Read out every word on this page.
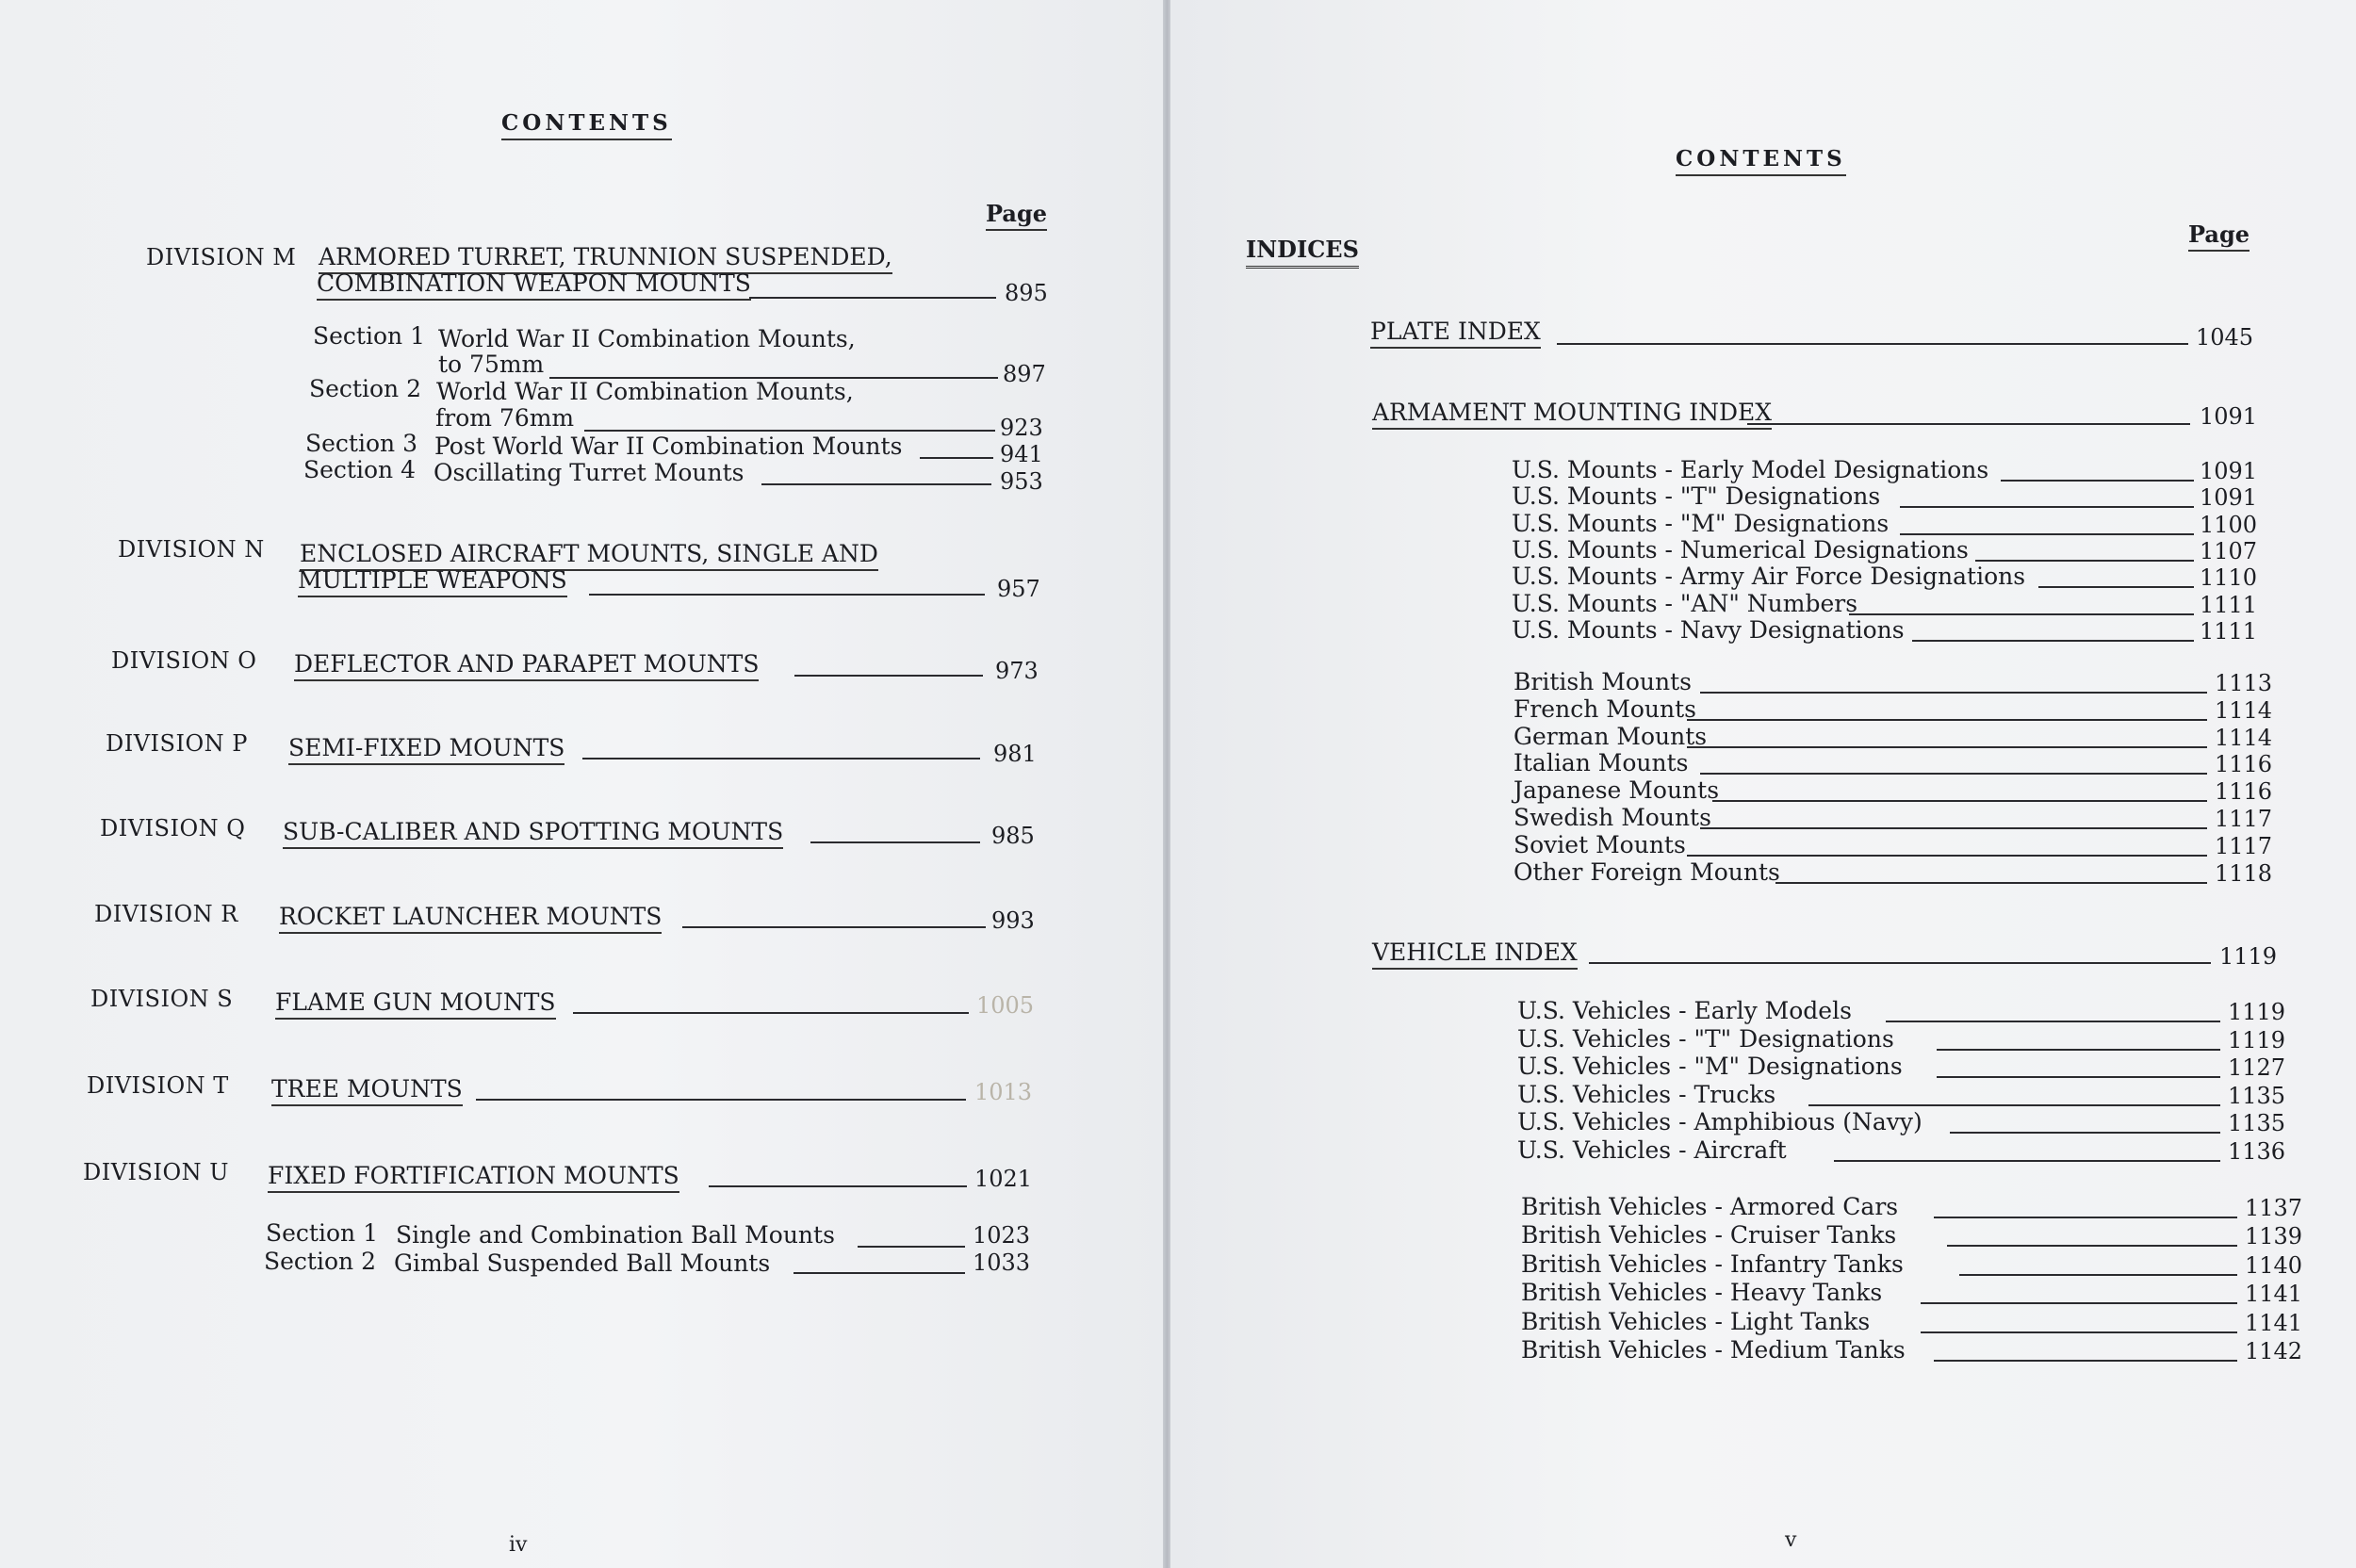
CONTENTS
Page
DIVISION M ARMORED TURRET, TRUNNION SUSPENDED,
COMBINATION WEAPON MOUNTS	895
Section 1 World War II Combination Mounts,
to 75mm	897
Section 2 World War II Combination Mounts,
from 76mm	923
Section 3 Post World War II Combination Mounts	941
Section 4 Oscillating Turret Mounts	953
DIVISION N ENCLOSED AIRCRAFT MOUNTS, SINGLE AND
MULTIPLE WEAPONS	957
DIVISION O DEFLECTOR AND PARAPET MOUNTS	973
DIVISION P SEMI-FIXED MOUNTS	981
DIVISION Q SUB-CALIBER AND SPOTTING MOUNTS	985
DIVISION R ROCKET LAUNCHER MOUNTS	993
DIVISION S FLAME GUN MOUNTS	1005
DIVISION T TREE MOUNTS	1013
DIVISION U FIXED FORTIFICATION MOUNTS	1021
Section 1 Single and Combination Ball Mounts	1023
Section 2 Gimbal Suspended Ball Mounts	1033
iv
CONTENTS
INDICES
Page
PLATE INDEX	1045
ARMAMENT MOUNTING INDEX	1091
U.S. Mounts - Early Model Designations	1091
U.S. Mounts - "T" Designations	1091
U.S. Mounts - "M" Designations	1100
U.S. Mounts - Numerical Designations	1107
U.S. Mounts - Army Air Force Designations	1110
U.S. Mounts - "AN" Numbers	1111
U.S. Mounts - Navy Designations	1111
British Mounts	1113
French Mounts	1114
German Mounts	1114
Italian Mounts	1116
Japanese Mounts	1116
Swedish Mounts	1117
Soviet Mounts	1117
Other Foreign Mounts	1118
VEHICLE INDEX	1119
U.S. Vehicles - Early Models	1119
U.S. Vehicles - "T" Designations	1119
U.S. Vehicles - "M" Designations	1127
U.S. Vehicles - Trucks	1135
U.S. Vehicles - Amphibious (Navy)	1135
U.S. Vehicles - Aircraft	1136
British Vehicles - Armored Cars	1137
British Vehicles - Cruiser Tanks	1139
British Vehicles - Infantry Tanks	1140
British Vehicles - Heavy Tanks	1141
British Vehicles - Light Tanks	1141
British Vehicles - Medium Tanks	1142
v
